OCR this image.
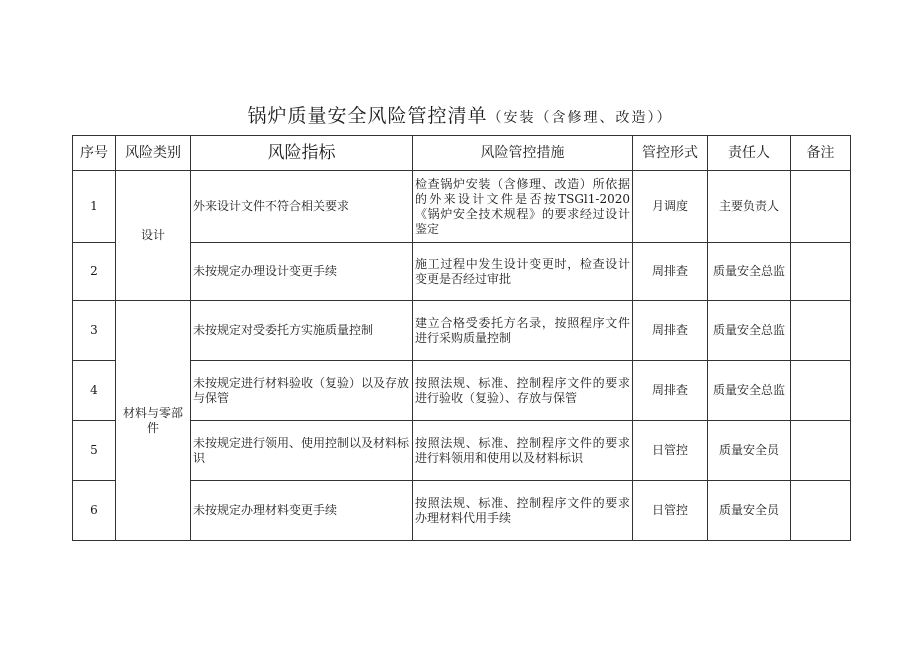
锅炉质量安全风险管控清单（安装（含修理、改造））
序号	风险类别	风险指标	风险管控措施	管控形式	责任人	备注
1	设计	外来设计文件不符合相关要求	检查锅炉安装（含修理、改造）所依据的外来设计文件是否按TSGl1-2020《锅炉安全技术规程》的要求经过设计鉴定	月调度	主要负责人	
2		未按规定办理设计变更手续	施工过程中发生设计变更时，检查设计变更是否经过审批	周排查	质量安全总监	
3	材料与零部件	未按规定对受委托方实施质量控制	建立合格受委托方名录，按照程序文件进行采购质量控制	周排查	质量安全总监	
4		未按规定进行材料验收（复验）以及存放与保管	按照法规、标准、控制程序文件的要求进行验收（复验）、存放与保管	周排查	质量安全总监	
5		未按规定进行领用、使用控制以及材料标识	按照法规、标准、控制程序文件的要求进行料领用和使用以及材料标识	日管控	质量安全员	
6		未按规定办理材料变更手续	按照法规、标准、控制程序文件的要求办理材料代用手续	日管控	质量安全员	
